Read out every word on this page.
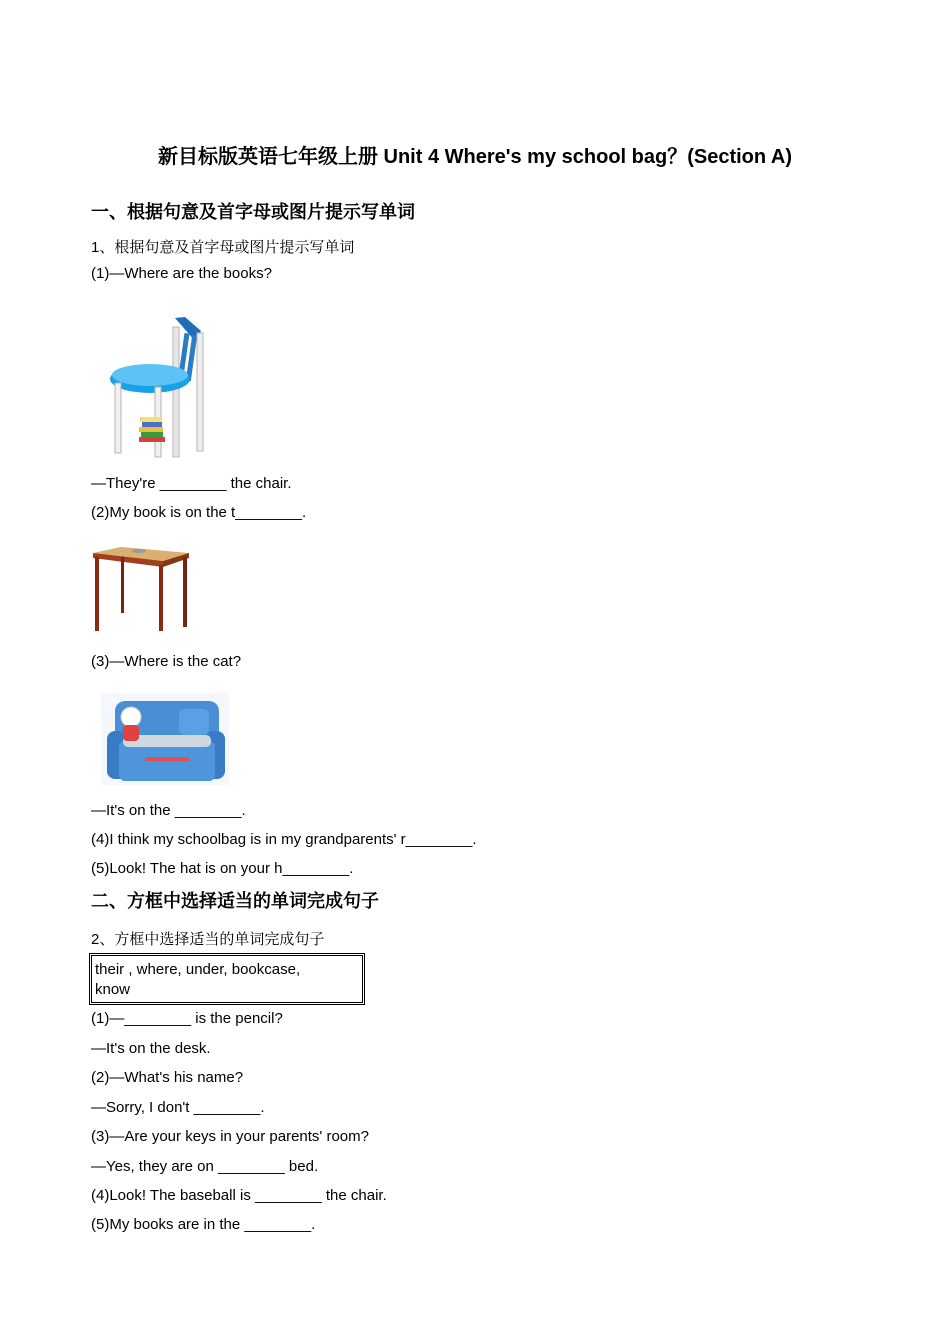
新目标版英语七年级上册 Unit 4 Where's my school bag？(Section A)
一、根据句意及首字母或图片提示写单词
1、根据句意及首字母或图片提示写单词
(1)—Where are the books?
—They're ________ the chair.
(2)My book is on the t________.
(3)—Where is the cat?
—It's on the ________.
(4)I think my schoolbag is in my grandparents' r________.
(5)Look! The hat is on your h________.
二、方框中选择适当的单词完成句子
2、方框中选择适当的单词完成句子
their , where, under, bookcase,
know
(1)—________ is the pencil?
—It's on the desk.
(2)—What's his name?
—Sorry, I don't ________.
(3)—Are your keys in your parents' room?
—Yes, they are on ________ bed.
(4)Look! The baseball is ________ the chair.
(5)My books are in the ________.
